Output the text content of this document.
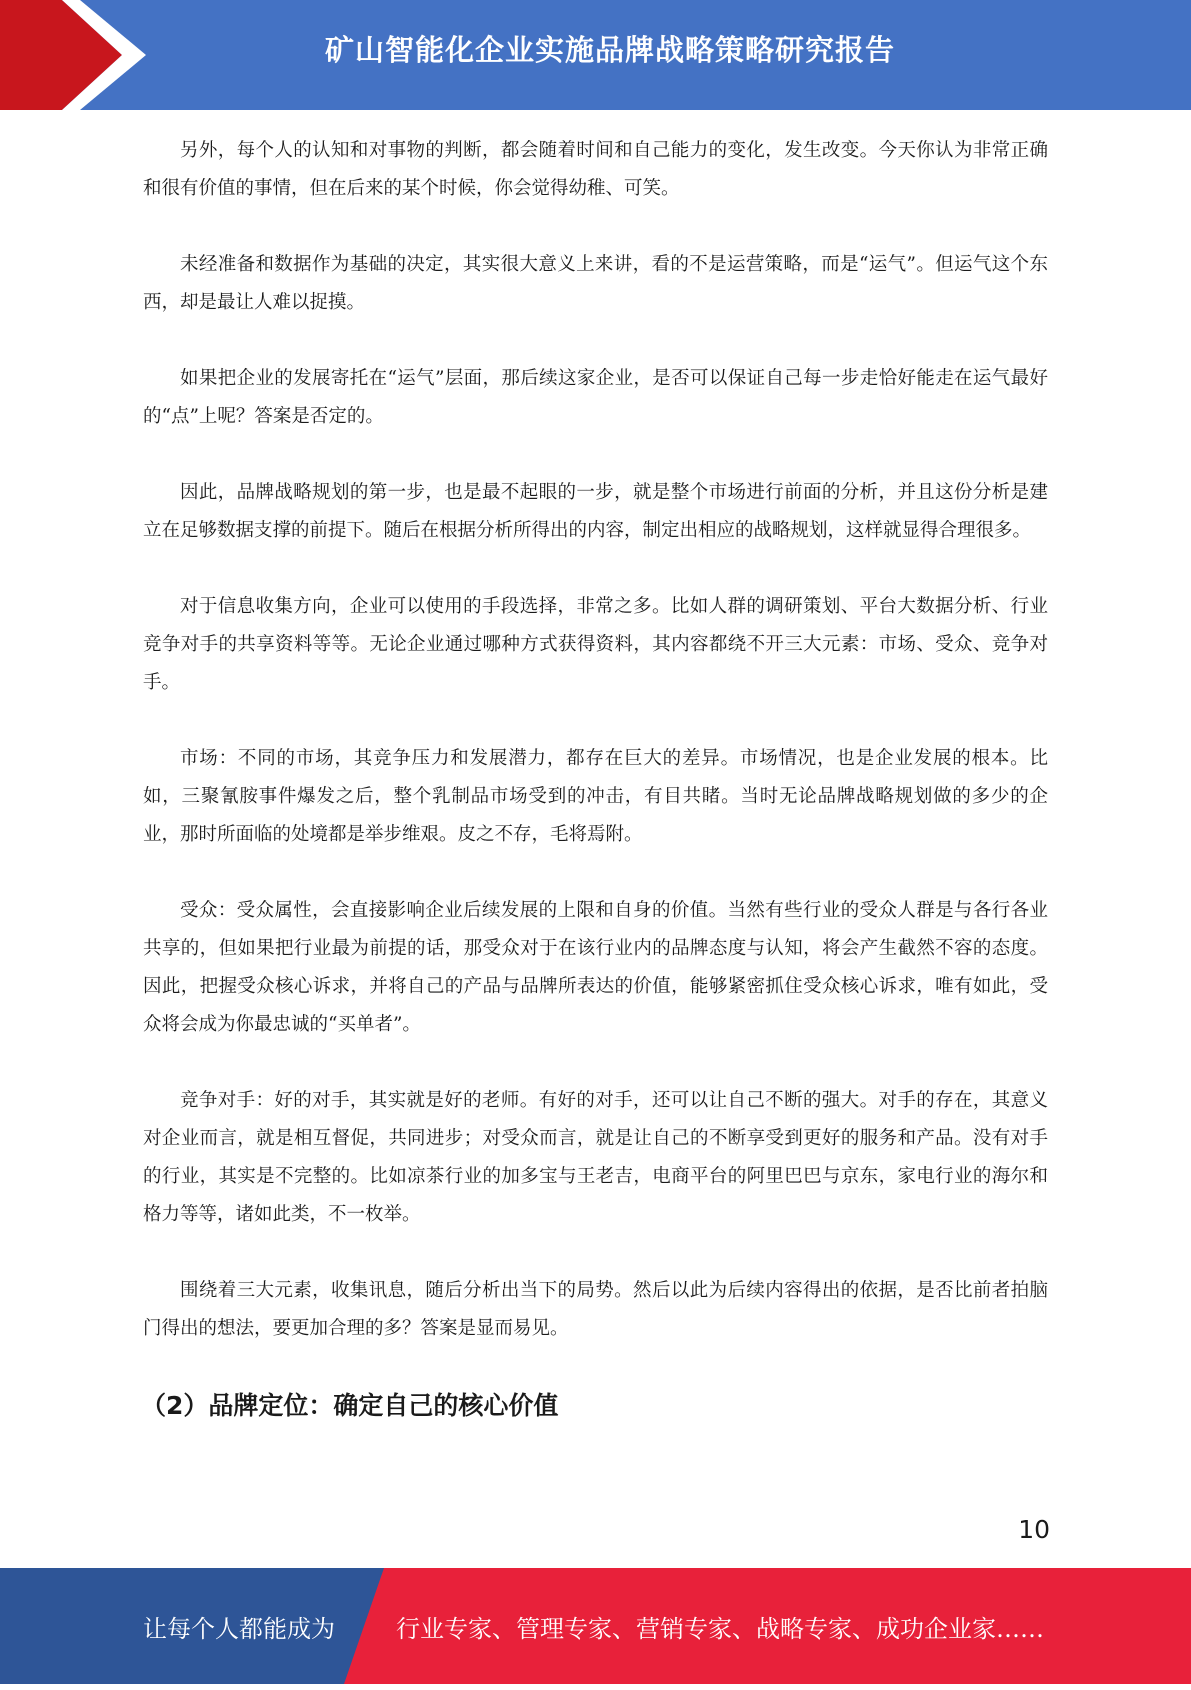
矿山智能化企业实施品牌战略策略研究报告

另外，每个人的认知和对事物的判断，都会随着时间和自己能力的变化，发生改变。今天你认为非常正确和很有价值的事情，但在后来的某个时候，你会觉得幼稚、可笑。

未经准备和数据作为基础的决定，其实很大意义上来讲，看的不是运营策略，而是“运气”。但运气这个东西，却是最让人难以捉摸。

如果把企业的发展寄托在“运气”层面，那后续这家企业，是否可以保证自己每一步走恰好能走在运气最好的“点”上呢？答案是否定的。

因此，品牌战略规划的第一步，也是最不起眼的一步，就是整个市场进行前面的分析，并且这份分析是建立在足够数据支撑的前提下。随后在根据分析所得出的内容，制定出相应的战略规划，这样就显得合理很多。

对于信息收集方向，企业可以使用的手段选择，非常之多。比如人群的调研策划、平台大数据分析、行业竞争对手的共享资料等等。无论企业通过哪种方式获得资料，其内容都绕不开三大元素：市场、受众、竞争对手。

市场：不同的市场，其竞争压力和发展潜力，都存在巨大的差异。市场情况，也是企业发展的根本。比如，三聚氰胺事件爆发之后，整个乳制品市场受到的冲击，有目共睹。当时无论品牌战略规划做的多少的企业，那时所面临的处境都是举步维艰。皮之不存，毛将焉附。

受众：受众属性，会直接影响企业后续发展的上限和自身的价值。当然有些行业的受众人群是与各行各业共享的，但如果把行业最为前提的话，那受众对于在该行业内的品牌态度与认知，将会产生截然不容的态度。因此，把握受众核心诉求，并将自己的产品与品牌所表达的价值，能够紧密抓住受众核心诉求，唯有如此，受众将会成为你最忠诚的“买单者”。

竞争对手：好的对手，其实就是好的老师。有好的对手，还可以让自己不断的强大。对手的存在，其意义对企业而言，就是相互督促，共同进步；对受众而言，就是让自己的不断享受到更好的服务和产品。没有对手的行业，其实是不完整的。比如凉茶行业的加多宝与王老吉，电商平台的阿里巴巴与京东，家电行业的海尔和格力等等，诸如此类，不一枚举。

围绕着三大元素，收集讯息，随后分析出当下的局势。然后以此为后续内容得出的依据，是否比前者拍脑门得出的想法，要更加合理的多？答案是显而易见。

（2）品牌定位：确定自己的核心价值
10
让每个人都能成为	行业专家、管理专家、营销专家、战略专家、成功企业家……
